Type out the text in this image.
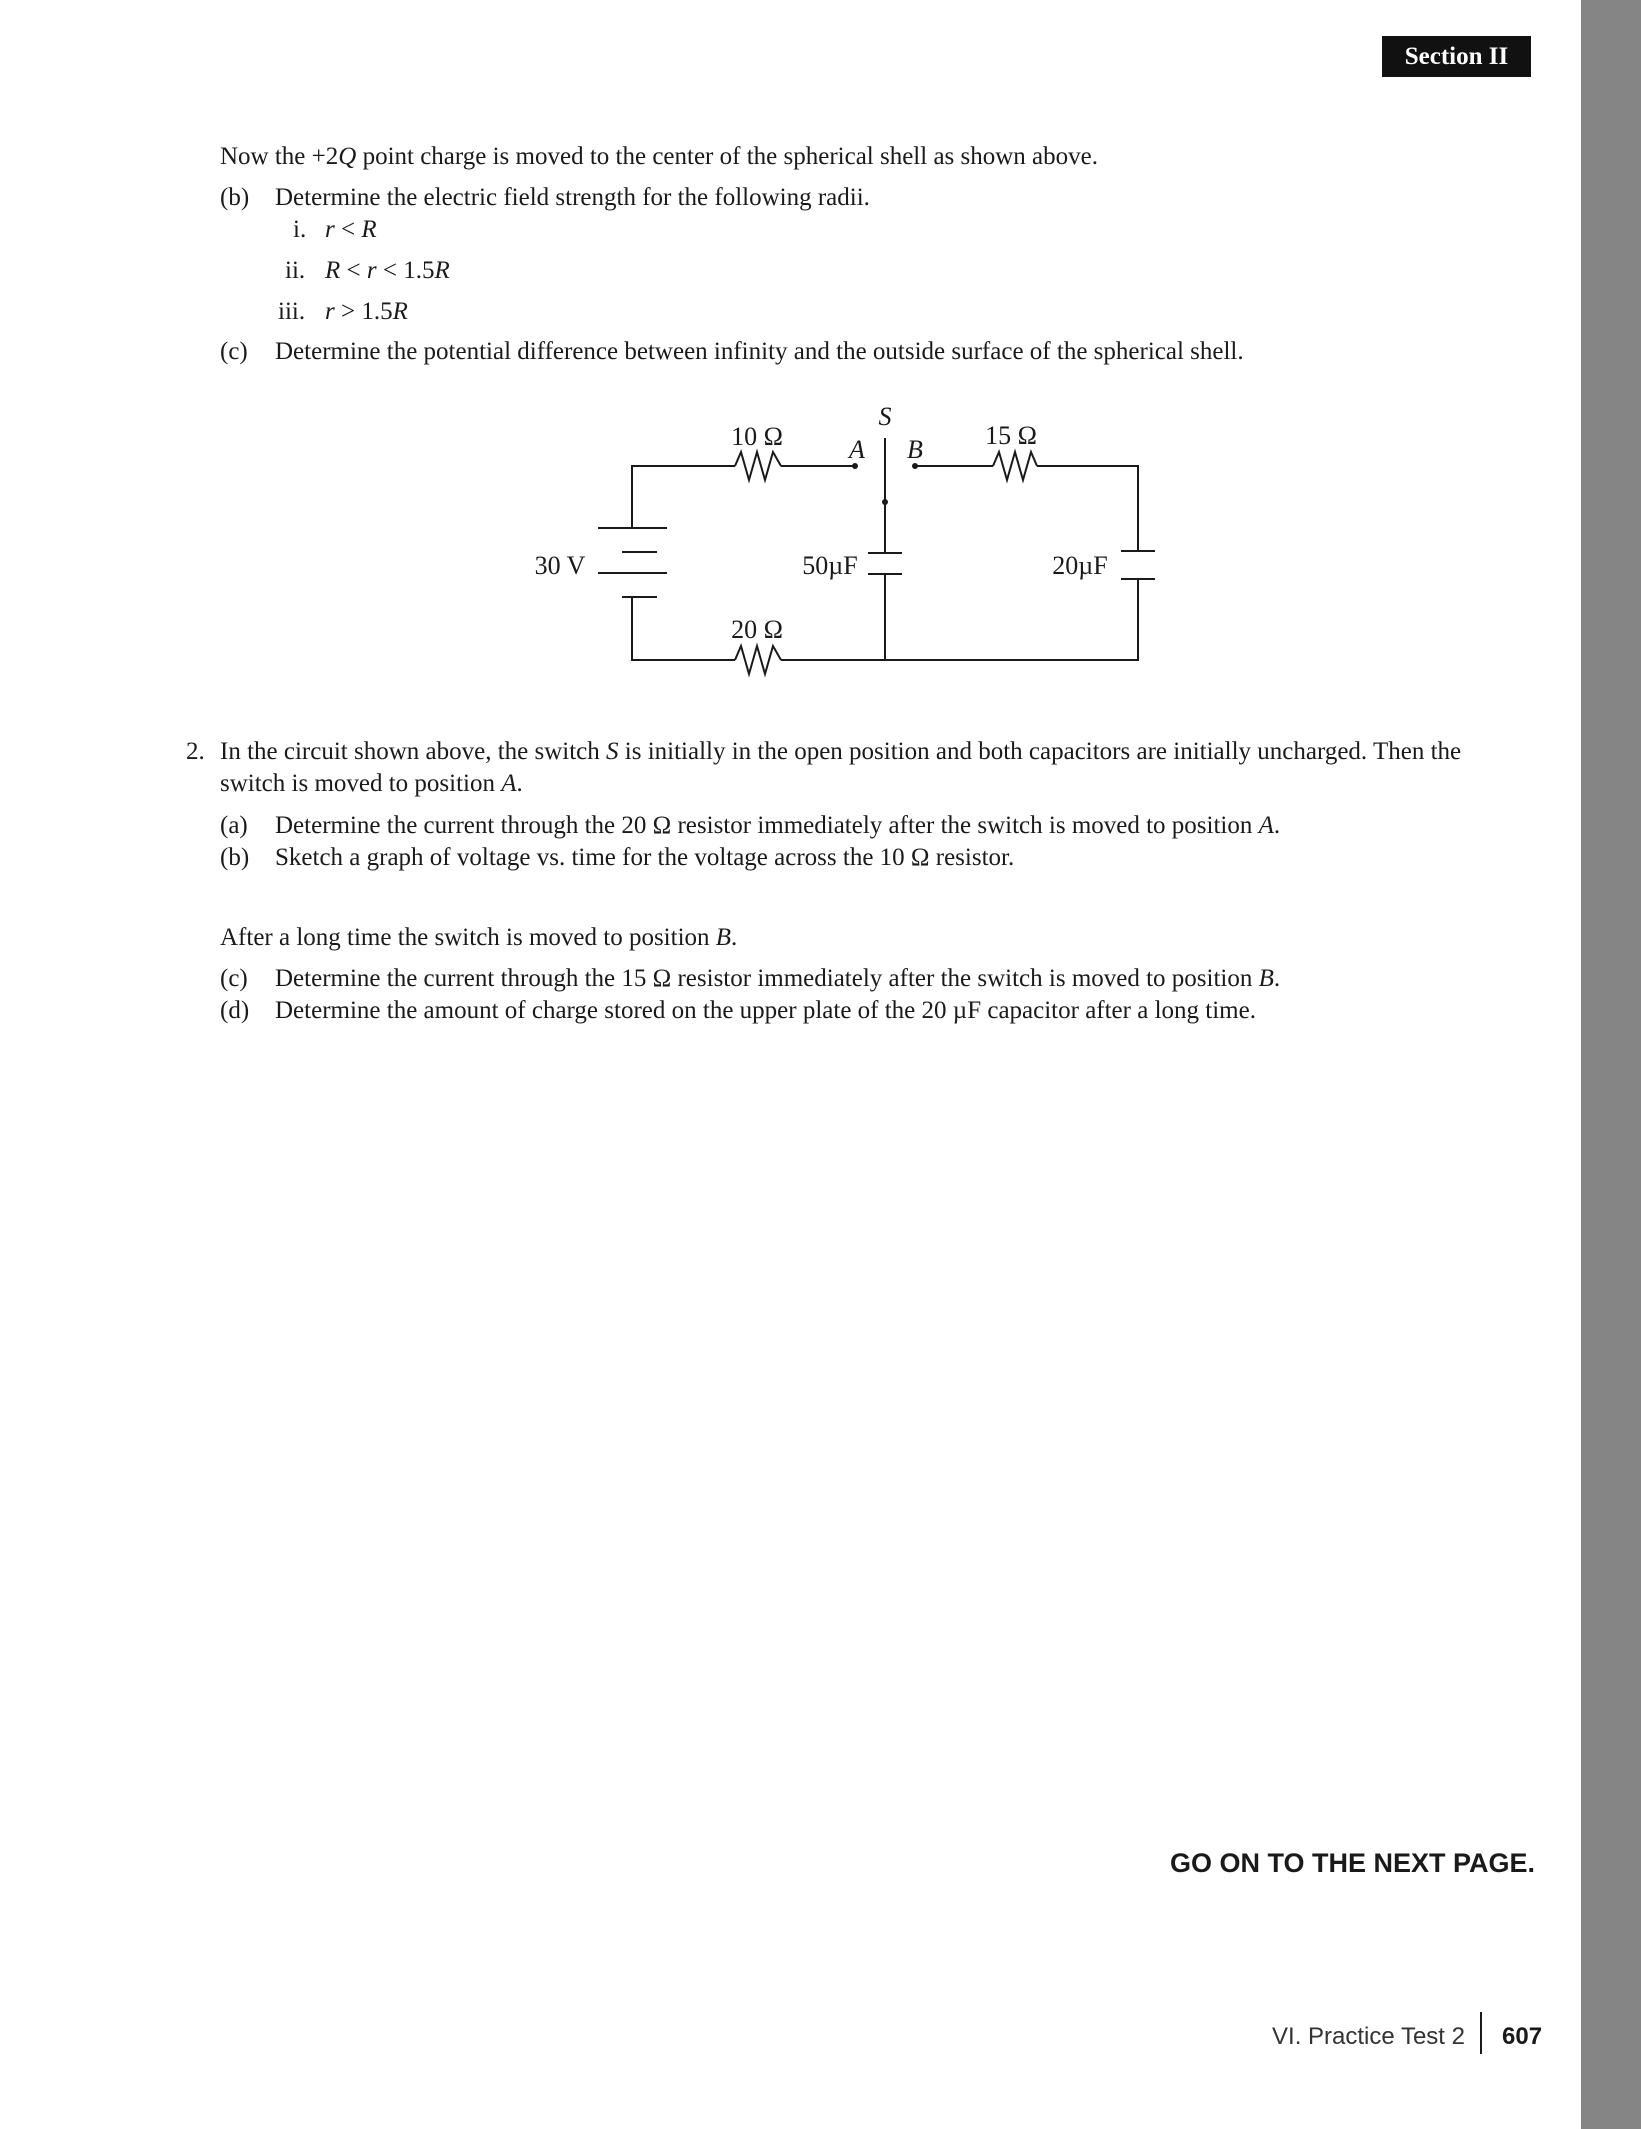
Section II
Now the +2Q point charge is moved to the center of the spherical shell as shown above.
(b) Determine the electric field strength for the following radii.
i. r < R
ii. R < r < 1.5R
iii. r > 1.5R
(c) Determine the potential difference between infinity and the outside surface of the spherical shell.
10 Ω	15 Ω
20 Ω
S
A B
30 V	50µF	20µF
2. In the circuit shown above, the switch S is initially in the open position and both capacitors are initially uncharged. Then the switch is moved to position A.
(a) Determine the current through the 20 Ω resistor immediately after the switch is moved to position A.
(b) Sketch a graph of voltage vs. time for the voltage across the 10 Ω resistor.
After a long time the switch is moved to position B.
(c) Determine the current through the 15 Ω resistor immediately after the switch is moved to position B.
(d) Determine the amount of charge stored on the upper plate of the 20 µF capacitor after a long time.
GO ON TO THE NEXT PAGE.
VI. Practice Test 2 607
